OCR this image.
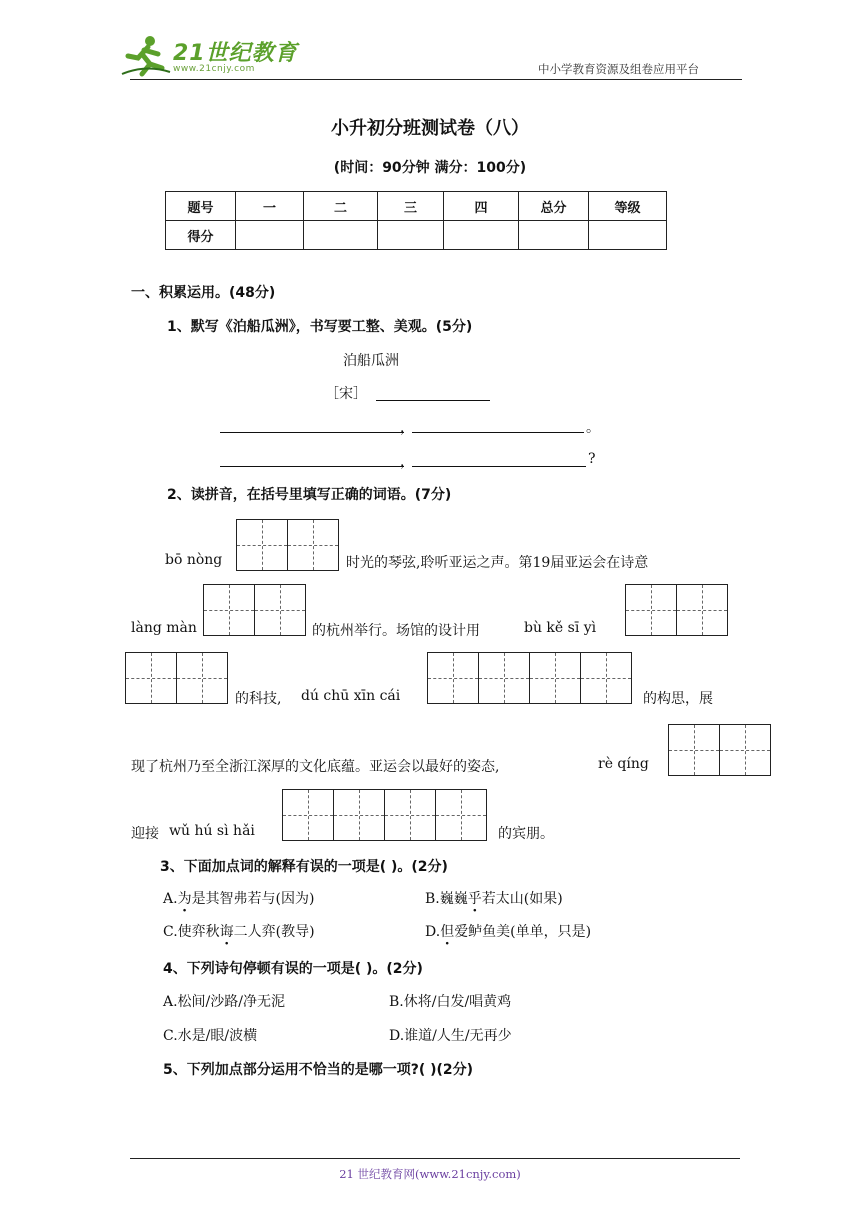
21世纪教育
www.21cnjy.com	中小学教育资源及组卷应用平台
小升初分班测试卷（八）
(时间：90分钟 满分：100分)
题号	一	二	三	四	总分	等级
得分						
一、积累运用。(48分)
1、默写《泊船瓜洲》，书写要工整、美观。(5分)
泊船瓜洲
［宋］
，	。
，	?
2、读拼音，在括号里填写正确的词语。(7分)
bō nòng	时光的琴弦,聆听亚运之声。第19届亚运会在诗意
làng màn	的杭州举行。场馆的设计用	bù kě sī yì
的科技, dú chū xīn cái	的构思，展
现了杭州乃至全浙江深厚的文化底蕴。亚运会以最好的姿态,	rè qíng
迎接 wǔ hú sì hǎi	的宾朋。
3、下面加点词的解释有误的一项是( )。(2分)
A.为是其智弗若与(因为)	B.巍巍乎若太山(如果)
C.使弈秋诲二人弈(教导)	D.但爱鲈鱼美(单单，只是)
4、下列诗句停顿有误的一项是( )。(2分)
A.松间/沙路/净无泥	B.休将/白发/唱黄鸡
C.水是/眼/波横	D.谁道/人生/无再少
5、下列加点部分运用不恰当的是哪一项?( )(2分)
21 世纪教育网(www.21cnjy.com)
